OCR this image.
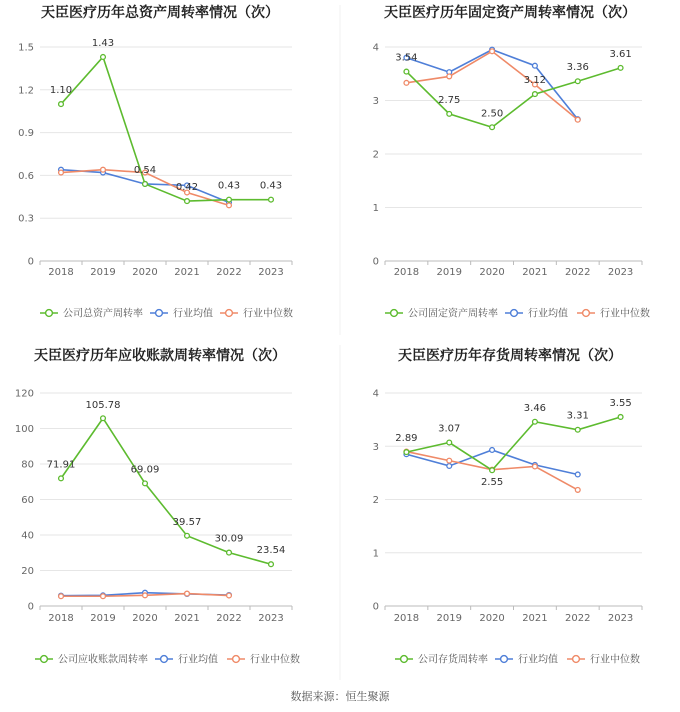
数据来源：恒生聚源
天臣医疗历年总资产周转率情况（次）
0
0.3
0.6
0.9
1.2
1.5
2018 2019 2020 2021 2022 2023
1.10
1.43
0.54
0.42 0.43 0.43
公司总资产周转率	行业均值	行业中位数
天臣医疗历年固定资产周转率情况（次）
0
1
2
3
4
2018 2019 2020 2021 2022 2023
3.54
2.75
2.50
3.12
3.36
3.61
公司固定资产周转率	行业均值	行业中位数
天臣医疗历年应收账款周转率情况（次）
0
20
40
60
80
100
120
2018 2019 2020 2021 2022 2023
71.91
105.78
69.09
39.57
30.09
23.54
公司应收账款周转率	行业均值	行业中位数
天臣医疗历年存货周转率情况（次）
0
1
2
3
4
2018 2019 2020 2021 2022 2023
2.89
3.07
2.55
3.46
3.31
3.55
公司存货周转率	行业均值	行业中位数
